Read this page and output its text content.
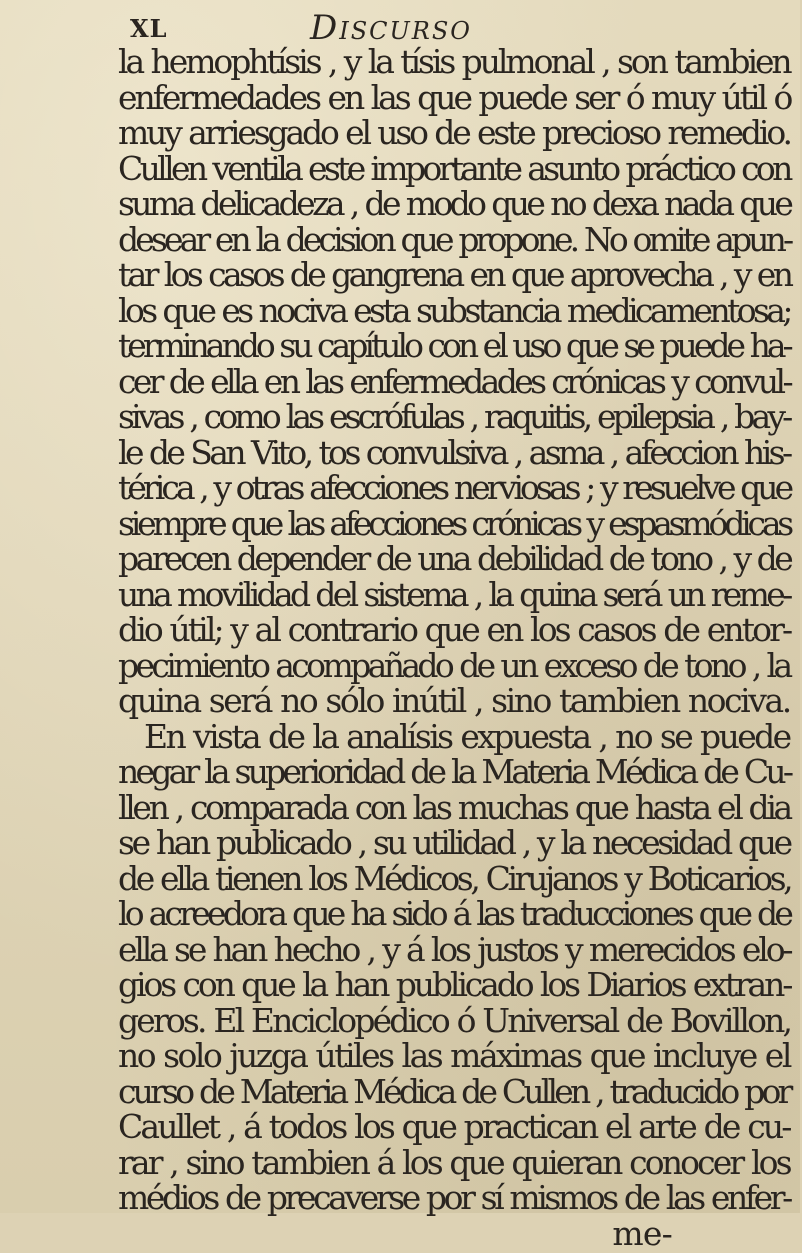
XL	Discurso
la hemophtísis , y la tísis pulmonal , son tambien
enfermedades en las que puede ser ó muy útil ó
muy arriesgado el uso de este precioso remedio.
Cullen ventila este importante asunto práctico con
suma delicadeza , de modo que no dexa nada que
desear en la decision que propone. No omite apun-
tar los casos de gangrena en que aprovecha , y en
los que es nociva esta substancia medicamentosa;
terminando su capítulo con el uso que se puede ha-
cer de ella en las enfermedades crónicas y convul-
sivas , como las escrófulas , raquitis, epilepsia , bay-
le de San Vito, tos convulsiva , asma , afeccion his-
térica , y otras afecciones nerviosas ; y resuelve que
siempre que las afecciones crónicas y espasmódicas
parecen depender de una debilidad de tono , y de
una movilidad del sistema , la quina será un reme-
dio útil; y al contrario que en los casos de entor-
pecimiento acompañado de un exceso de tono , la
quina será no sólo inútil , sino tambien nociva.
En vista de la analísis expuesta , no se puede
negar la superioridad de la Materia Médica de Cu-
llen , comparada con las muchas que hasta el dia
se han publicado , su utilidad , y la necesidad que
de ella tienen los Médicos, Cirujanos y Boticarios,
lo acreedora que ha sido á las traducciones que de
ella se han hecho , y á los justos y merecidos elo-
gios con que la han publicado los Diarios extran-
geros. El Enciclopédico ó Universal de Bovillon,
no solo juzga útiles las máximas que incluye el
curso de Materia Médica de Cullen , traducido por
Caullet , á todos los que practican el arte de cu-
rar , sino tambien á los que quieran conocer los
médios de precaverse por sí mismos de las enfer-
me-
